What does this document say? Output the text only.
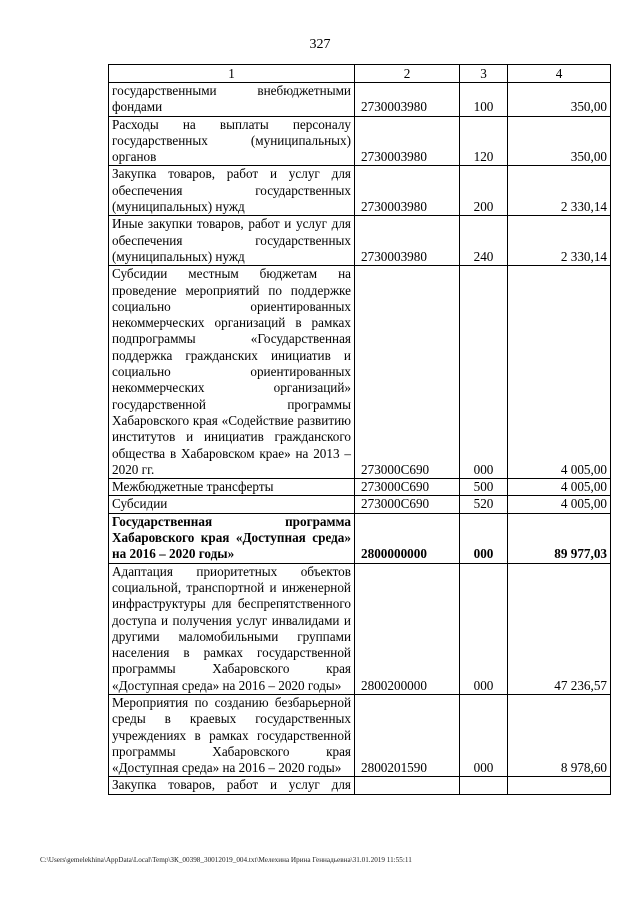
327
1	2	3	4
государственными внебюджетными фондами	2730003980	100	350,00
Расходы на выплаты персоналу государственных (муниципальных) органов	2730003980	120	350,00
Закупка товаров, работ и услуг для обеспечения государственных (муниципальных) нужд	2730003980	200	2 330,14
Иные закупки товаров, работ и услуг для обеспечения государственных (муниципальных) нужд	2730003980	240	2 330,14
Субсидии местным бюджетам на проведение мероприятий по поддержке социально ориентированных некоммерческих организаций в рамках подпрограммы «Государственная поддержка гражданских инициатив и социально ориентированных некоммерческих организаций» государственной программы Хабаровского края «Содействие развитию институтов и инициатив гражданского общества в Хабаровском крае» на 2013 – 2020 гг.	273000С690	000	4 005,00
Межбюджетные трансферты	273000С690	500	4 005,00
Субсидии	273000С690	520	4 005,00
Государственная программа Хабаровского края «Доступная среда» на 2016 – 2020 годы»	2800000000	000	89 977,03
Адаптация приоритетных объектов социальной, транспортной и инженерной инфраструктуры для беспрепятственного доступа и получения услуг инвалидами и другими маломобильными группами населения в рамках государственной программы Хабаровского края «Доступная среда» на 2016 – 2020 годы»	2800200000	000	47 236,57
Мероприятия по созданию безбарьерной среды в краевых государственных учреждениях в рамках государственной программы Хабаровского края «Доступная среда» на 2016 – 2020 годы»	2800201590	000	8 978,60
Закупка товаров, работ и услуг для			
C:\Users\gemelekhina\AppData\Local\Temp\ЗК_00398_30012019_004.txt\Мелехина Ирина Геннадьевна\31.01.2019 11:55:11
